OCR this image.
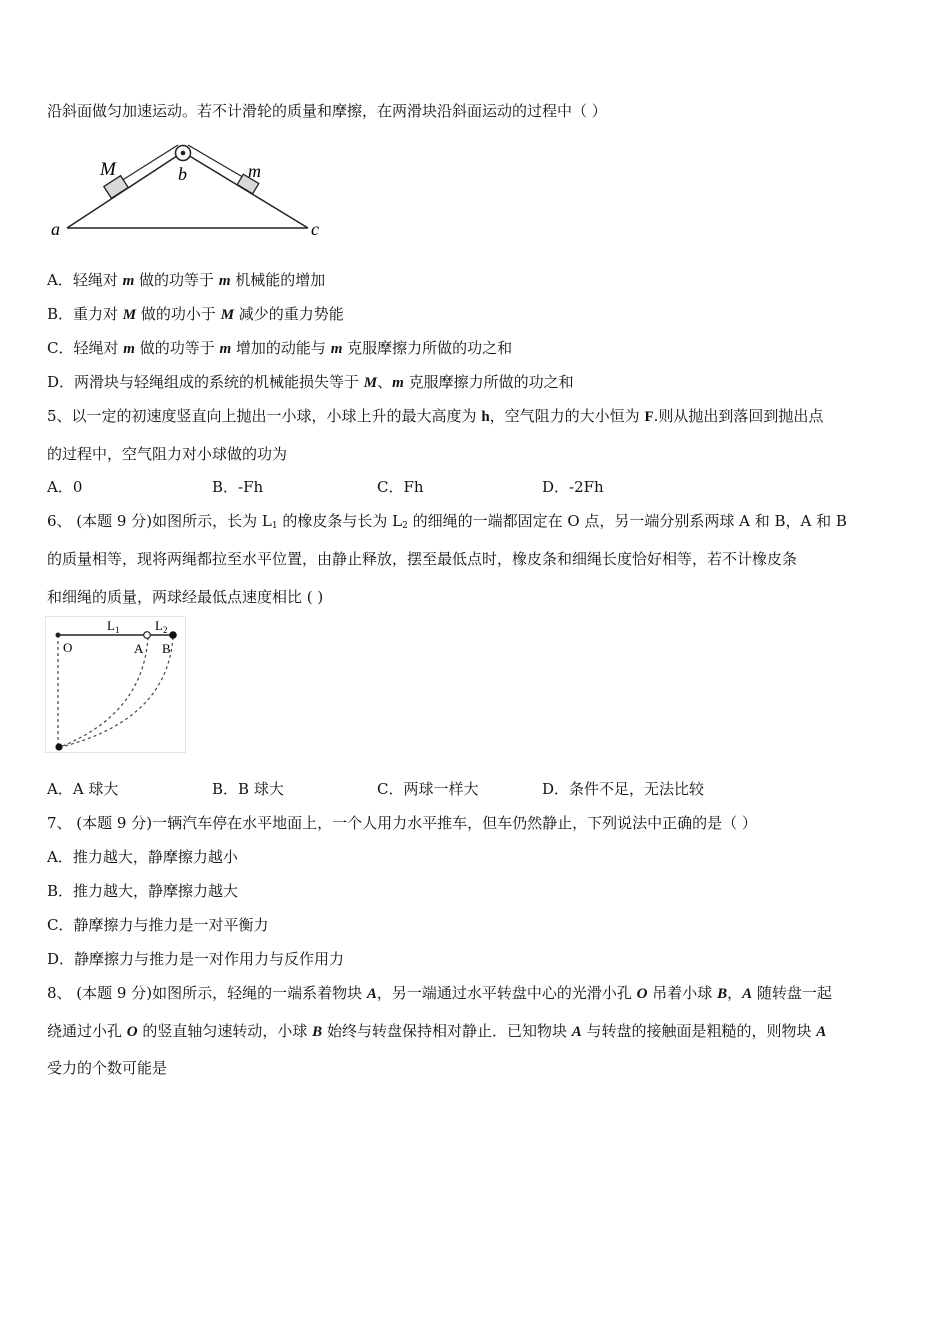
沿斜面做匀加速运动。若不计滑轮的质量和摩擦，在两滑块沿斜面运动的过程中（ ）
M	m
b
a	c
A．轻绳对 m 做的功等于 m 机械能的增加
B．重力对 M 做的功小于 M 减少的重力势能
C．轻绳对 m 做的功等于 m 增加的动能与 m 克服摩擦力所做的功之和
D．两滑块与轻绳组成的系统的机械能损失等于 M、m 克服摩擦力所做的功之和
5、以一定的初速度竖直向上抛出一小球，小球上升的最大高度为 h，空气阻力的大小恒为 F.则从抛出到落回到抛出点
的过程中，空气阻力对小球做的功为
A．0	B．-Fh	C．Fh	D．-2Fh
6、 (本题 9 分)如图所示，长为 $L_1$ 的橡皮条与长为 $L_2$ 的细绳的一端都固定在 O 点，另一端分别系两球 A 和 B，A 和 B
的质量相等，现将两绳都拉至水平位置，由静止释放，摆至最低点时，橡皮条和细绳长度恰好相等，若不计橡皮条
和细绳的质量，两球经最低点速度相比 ( )
$L_1$	$L_2$
O	A B
A．A 球大	B．B 球大	C．两球一样大	D．条件不足，无法比较
7、 (本题 9 分)一辆汽车停在水平地面上，一个人用力水平推车，但车仍然静止，下列说法中正确的是（ ）
A．推力越大，静摩擦力越小
B．推力越大，静摩擦力越大
C．静摩擦力与推力是一对平衡力
D．静摩擦力与推力是一对作用力与反作用力
8、 (本题 9 分)如图所示，轻绳的一端系着物块 A，另一端通过水平转盘中心的光滑小孔 O 吊着小球 B，A 随转盘一起
绕通过小孔 O 的竖直轴匀速转动，小球 B 始终与转盘保持相对静止．已知物块 A 与转盘的接触面是粗糙的，则物块 A
受力的个数可能是
